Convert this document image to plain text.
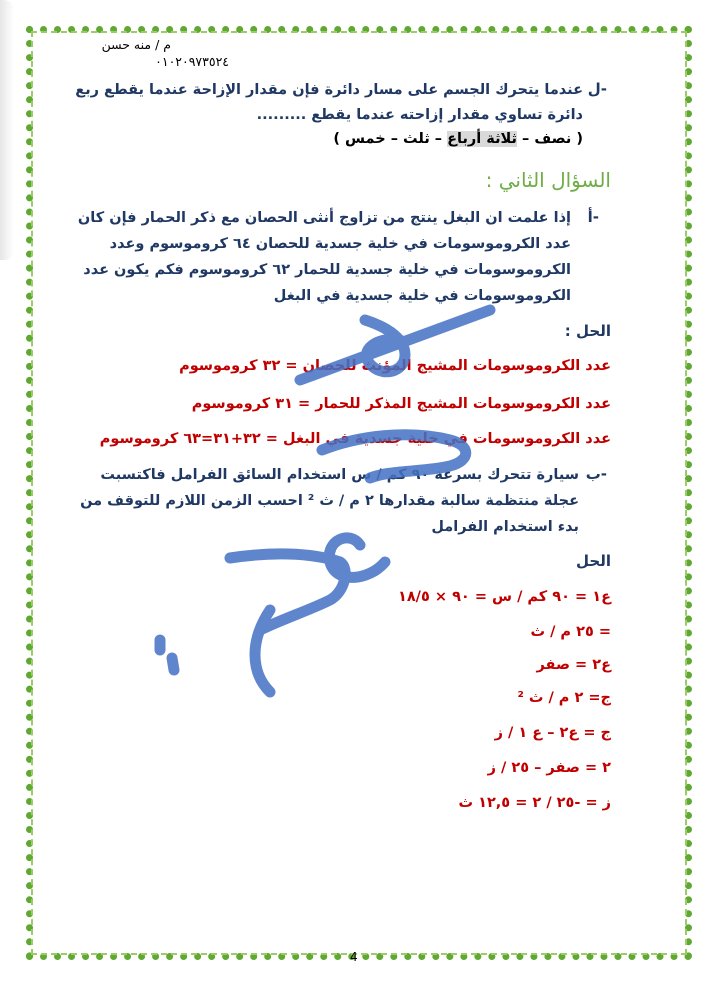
م / منه حسن
٠١٠٢٠٩٧٣٥٢٤
ل-
عندما يتحرك الجسم على مسار دائرة فإن مقدار الإزاحة عندما يقطع ربع
دائرة تساوي مقدار إزاحته عندما يقطع .........
( نصف – ثلاثة أرباع – ثلث – خمس )
السؤال الثاني :
أ-
إذا علمت ان البغل ينتج من تزاوج أنثى الحصان مع ذكر الحمار فإن كان
عدد الكروموسومات في خلية جسدية للحصان ٦٤ كروموسوم وعدد
الكروموسومات في خلية جسدية للحمار ٦٢ كروموسوم فكم يكون عدد
الكروموسومات في خلية جسدية في البغل
الحل :
عدد الكروموسومات المشيج المؤنث للحصان = ٣٢ كروموسوم
عدد الكروموسومات المشيج المذكر للحمار = ٣١ كروموسوم
عدد الكروموسومات في خلية جسدية في البغل = ٣٢+٣١=٦٣ كروموسوم
ب-
سيارة تتحرك بسرعة ٩٠ كم / س استخدام السائق الفرامل فاكتسبت
عجلة منتظمة سالبة مقدارها ٢ م / ث ² احسب الزمن اللازم للتوقف من
بدء استخدام الفرامل
الحل
ع١ = ٩٠ كم / س = ٩٠ × ١٨/٥
= ٢٥ م / ث
ع٢ = صفر
ج= ٢ م / ث ²
ج = ع٢ – ع ١ / ز
٢ = صفر – ٢٥ / ز
ز = -٢٥ / ٢ = ١٢,٥ ث
4
